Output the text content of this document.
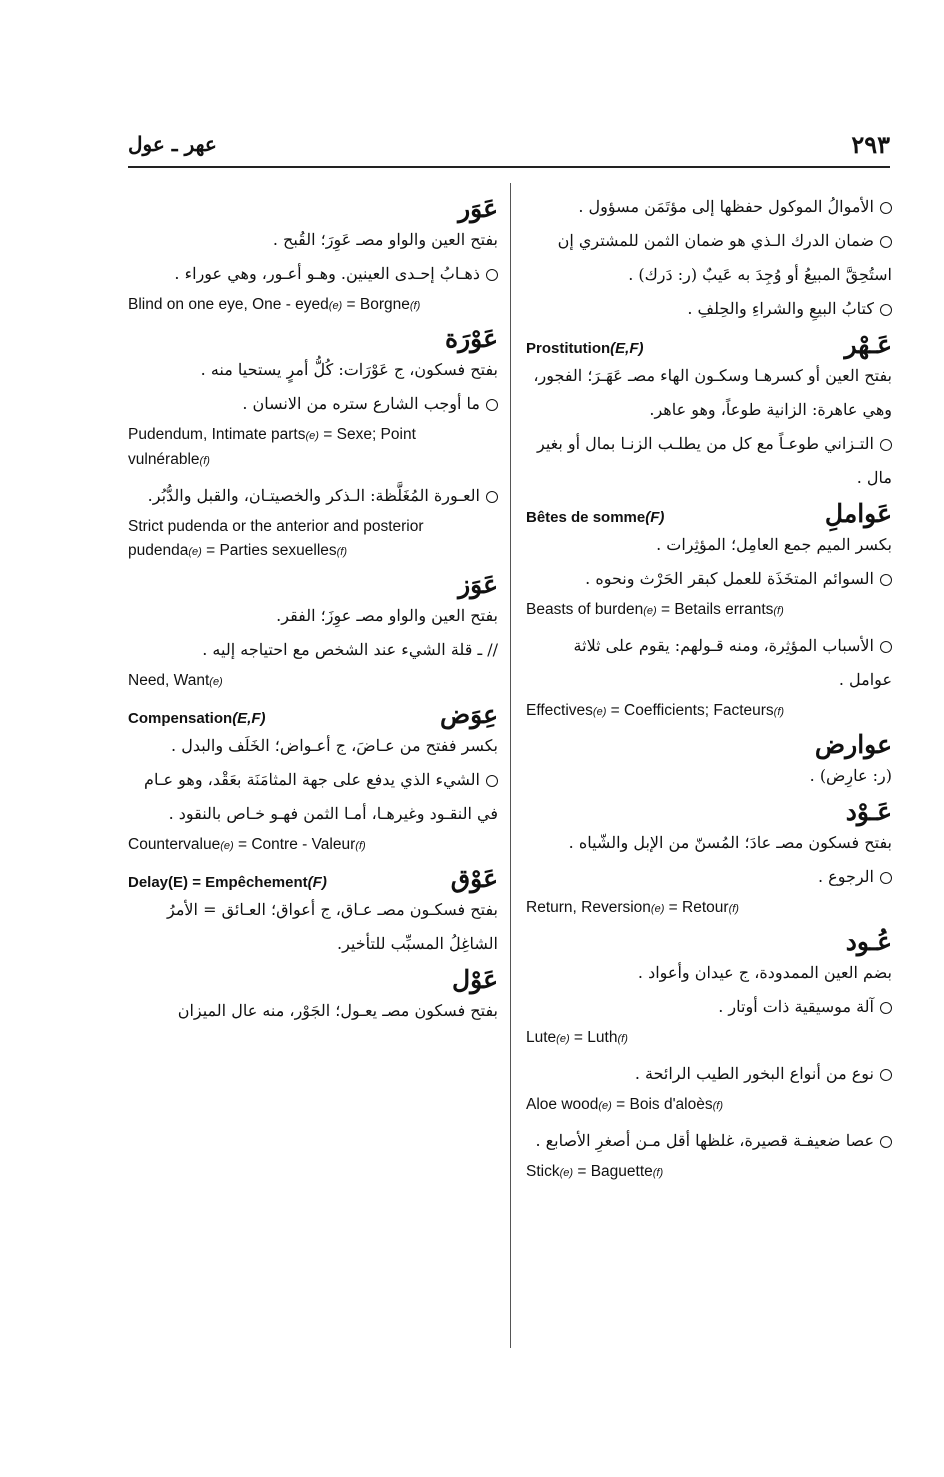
٢٩٣
عهر ـ عول

الأموالُ الموكول حفظها إلى مؤتَمَن مسؤول .

ضمان الدرك الـذي هو ضمان الثمن للمشتري إن استُحِقَّ المبيعُ أو وُجِدَ به عَيبٌ (ر: دَرك) .

كتابُ البيعِ والشراءِ والحِلفِ .

عَـهْر
Prostitution(E,F)

بفتح العين أو كسرهـا وسكـون الهاء مصـ عَهَـرَ؛ الفجور، وهي عاهرة: الزانية طوعاً، وهو عاهر.

التـزاني طوعـاً مع كل من يطلـب الزنـا بمال أو بغير مال .

عَواملِ
Bêtes de somme(F)

بكسر الميم جمع العامِل؛ المؤثِرات .

السوائم المتخَذَة للعمل كبقر الحَرْث ونحوه .

Beasts of burden(e) = Betails errants(f)

الأسباب المؤثِرة، ومنه قـولهم: يقوم على ثلاثة عوامل .

Effectives(e) = Coefficients; Facteurs(f)

عوارض

(ر: عارِض) .

عَـوْد

بفتح فسكون مصـ عادَ؛ المُسنّ من الإبل والشّياه .

الرجوع .

Return, Reversion(e) = Retour(f)

عُـود

بضم العين الممدودة، ج عيدان وأعواد .

آلة موسيقية ذات أوتار .

Lute(e) = Luth(f)

نوع من أنواع البخور الطيب الرائحة .

Aloe wood(e) = Bois d'aloès(f)

عصا ضعيفـة قصيرة، غلظها أقل مـن أصغرِ الأصابع .

Stick(e) = Baguette(f)

عَوَر

بفتح العين والواو مصـ عَوِرَ؛ القُبح .

ذهـابُ إحـدى العينين. وهـو أعـور، وهي عوراء .

Blind on one eye, One - eyed(e) = Borgne(f)

عَوْرَة

بفتح فسكون، ج عَوْرَات: كُلُّ أمرٍ يستحيا منه .

ما أوجب الشارع ستره من الانسان .

Pudendum, Intimate parts(e) = Sexe; Point vulnérable(f)

العـورة المُغَلَّظة: الـذكر والخصيتـان، والقبل والدُّبُر.

Strict pudenda or the anterior and posterior pudenda(e) = Parties sexuelles(f)

عَوَز

بفتح العين والواو مصـ عوِزَ؛ الفقر.

// ـ قلة الشيء عند الشخص مع احتياجه إليه .

Need, Want(e)

عِوَض
Compensation(E,F)

بكسر ففتح من عـاضَ، ج أعـواض؛ الخَلَف والبدل .

الشيء الذي يدفع على جهة المثامَنَة بعَقْد، وهو عـام في النقـود وغيرهـا، أمـا الثمن فهـو خـاص بالنقود .

Countervalue(e) = Contre - Valeur(f)

عَوْق
Delay(E) = Empêchement(F)

بفتح فسكـون مصـ عـاق، ج أعواق؛ العـائق = الأمرُ الشاغِلُ المسبِّب للتأخير.

عَوْل

بفتح فسكون مصـ يعـول؛ الجَوْر، منه عال الميزان
